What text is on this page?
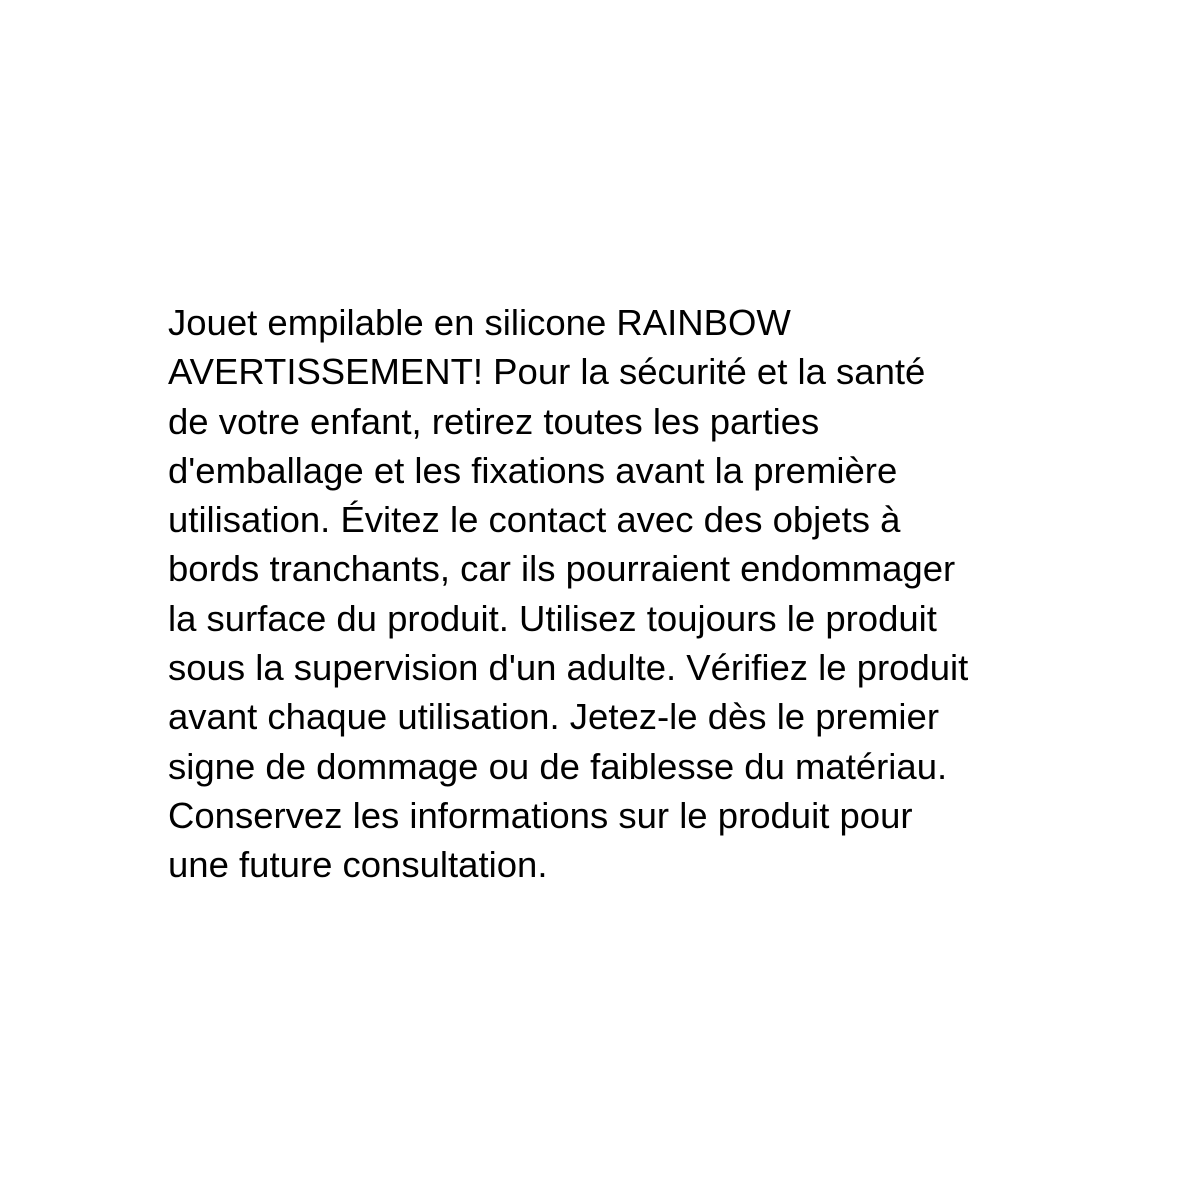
Jouet empilable en silicone RAINBOW
AVERTISSEMENT! Pour la sécurité et la santé
de votre enfant, retirez toutes les parties
d'emballage et les fixations avant la première
utilisation. Évitez le contact avec des objets à
bords tranchants, car ils pourraient endommager
la surface du produit. Utilisez toujours le produit
sous la supervision d'un adulte. Vérifiez le produit
avant chaque utilisation. Jetez-le dès le premier
signe de dommage ou de faiblesse du matériau.
Conservez les informations sur le produit pour
une future consultation.
